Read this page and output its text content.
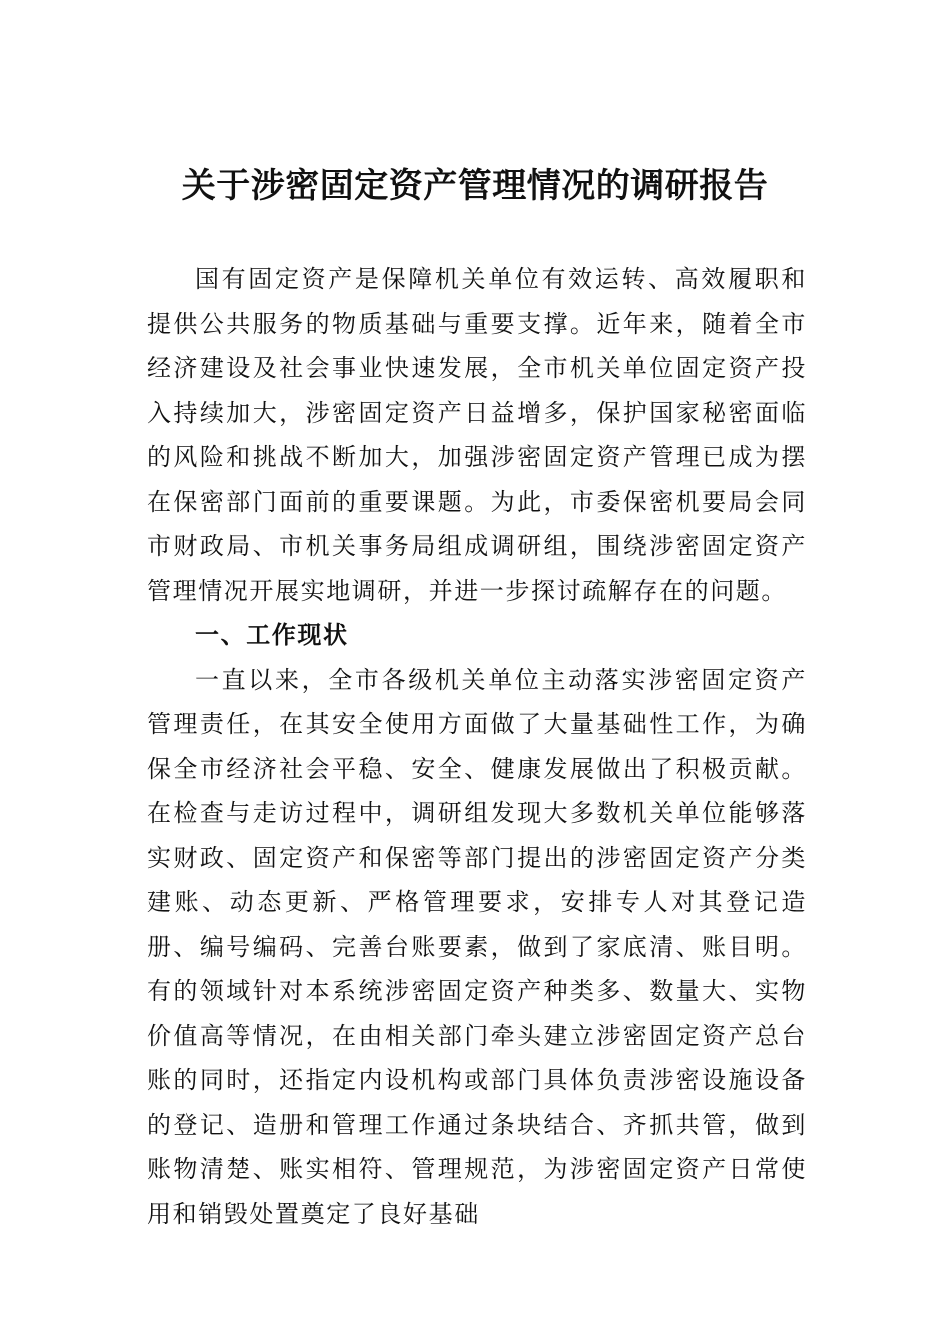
关于涉密固定资产管理情况的调研报告

国有固定资产是保障机关单位有效运转、高效履职和提供公共服务的物质基础与重要支撑。近年来，随着全市经济建设及社会事业快速发展，全市机关单位固定资产投入持续加大，涉密固定资产日益增多，保护国家秘密面临的风险和挑战不断加大，加强涉密固定资产管理已成为摆在保密部门面前的重要课题。为此，市委保密机要局会同市财政局、市机关事务局组成调研组，围绕涉密固定资产管理情况开展实地调研，并进一步探讨疏解存在的问题。

一、工作现状

一直以来，全市各级机关单位主动落实涉密固定资产管理责任，在其安全使用方面做了大量基础性工作，为确保全市经济社会平稳、安全、健康发展做出了积极贡献。在检查与走访过程中，调研组发现大多数机关单位能够落实财政、固定资产和保密等部门提出的涉密固定资产分类建账、动态更新、严格管理要求，安排专人对其登记造册、编号编码、完善台账要素，做到了家底清、账目明。有的领域针对本系统涉密固定资产种类多、数量大、实物价值高等情况，在由相关部门牵头建立涉密固定资产总台账的同时，还指定内设机构或部门具体负责涉密设施设备的登记、造册和管理工作通过条块结合、齐抓共管，做到账物清楚、账实相符、管理规范，为涉密固定资产日常使用和销毁处置奠定了良好基础
